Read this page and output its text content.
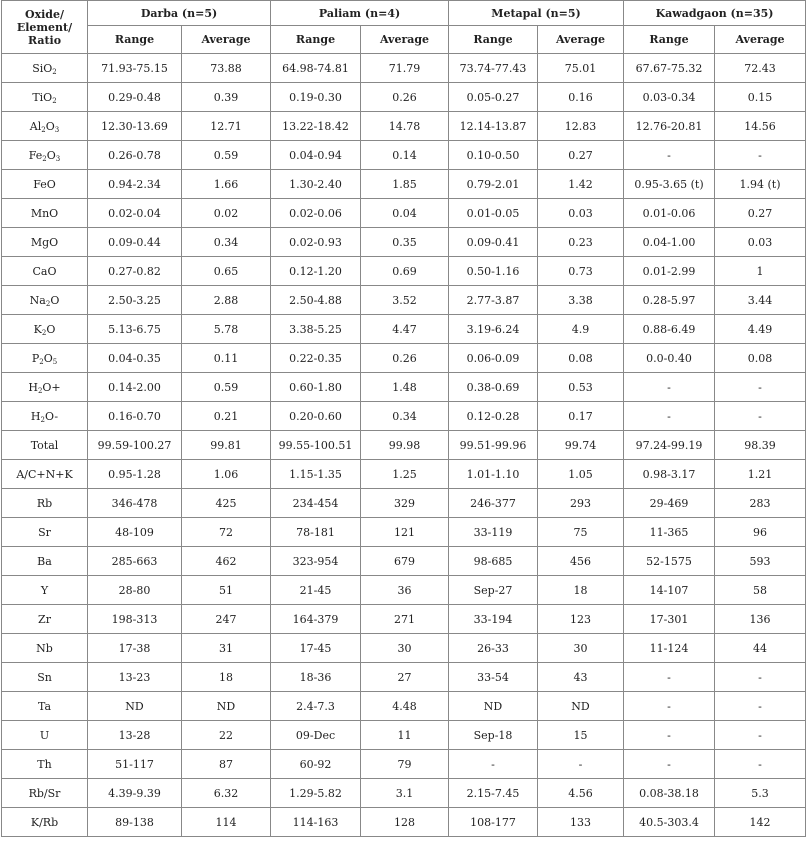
Oxide/ Element/ Ratio	Darba (n=5)		Paliam (n=4)		Metapal (n=5)		Kawadgaon (n=35)	
	Range	Average	Range	Average	Range	Average	Range	Average
SiO$_2$	71.93-75.15	73.88	64.98-74.81	71.79	73.74-77.43	75.01	67.67-75.32	72.43
TiO$_2$	0.29-0.48	0.39	0.19-0.30	0.26	0.05-0.27	0.16	0.03-0.34	0.15
$Al_2O_3$	12.30-13.69	12.71	13.22-18.42	14.78	12.14-13.87	12.83	12.76-20.81	14.56
$Fe_2O_3$	0.26-0.78	0.59	0.04-0.94	0.14	0.10-0.50	0.27	-	-
FeO	0.94-2.34	1.66	1.30-2.40	1.85	0.79-2.01	1.42	0.95-3.65 (t)	1.94 (t)
MnO	0.02-0.04	0.02	0.02-0.06	0.04	0.01-0.05	0.03	0.01-0.06	0.27
MgO	0.09-0.44	0.34	0.02-0.93	0.35	0.09-0.41	0.23	0.04-1.00	0.03
CaO	0.27-0.82	0.65	0.12-1.20	0.69	0.50-1.16	0.73	0.01-2.99	1
$Na_2O$	2.50-3.25	2.88	2.50-4.88	3.52	2.77-3.87	3.38	0.28-5.97	3.44
$K_2O$	5.13-6.75	5.78	3.38-5.25	4.47	3.19-6.24	4.9	0.88-6.49	4.49
$P_2O_5$	0.04-0.35	0.11	0.22-0.35	0.26	0.06-0.09	0.08	0.0-0.40	0.08
$H_2O+$	0.14-2.00	0.59	0.60-1.80	1.48	0.38-0.69	0.53	-	-
$H_2O-$	0.16-0.70	0.21	0.20-0.60	0.34	0.12-0.28	0.17	-	-
Total	99.59-100.27	99.81	99.55-100.51	99.98	99.51-99.96	99.74	97.24-99.19	98.39
A/C+N+K	0.95-1.28	1.06	1.15-1.35	1.25	1.01-1.10	1.05	0.98-3.17	1.21
Rb	346-478	425	234-454	329	246-377	293	29-469	283
Sr	48-109	72	78-181	121	33-119	75	11-365	96
Ba	285-663	462	323-954	679	98-685	456	52-1575	593
Y	28-80	51	21-45	36	Sep-27	18	14-107	58
Zr	198-313	247	164-379	271	33-194	123	17-301	136
Nb	17-38	31	17-45	30	26-33	30	11-124	44
Sn	13-23	18	18-36	27	33-54	43	-	-
Ta	ND	ND	2.4-7.3	4.48	ND	ND	-	-
U	13-28	22	09-Dec	11	Sep-18	15	-	-
Th	51-117	87	60-92	79	-	-	-	-
Rb/Sr	4.39-9.39	6.32	1.29-5.82	3.1	2.15-7.45	4.56	0.08-38.18	5.3
K/Rb	89-138	114	114-163	128	108-177	133	40.5-303.4	142
